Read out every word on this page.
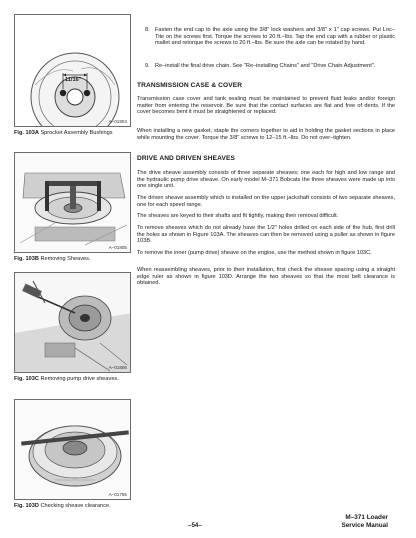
11/16"
A–01804
Fig. 103A Sprocket Assembly Bushings
A–01805
Fig. 103B Removing Sheaves.
A–01806
Fig. 103C Removing pump drive sheaves.
A–01755
Fig. 103D Checking sheave clearance.
8. Fasten the end cap to the axle using the 3/8" lock washers and 3/8" x 1" cap screws. Put Loc–Tite on the screws first. Torque the screws to 20 ft.–lbs. Tap the end cap with a rubber or plastic mallet and retorque the screws to 20 ft.–lbs. Be sure the axle can be rotated by hand.
9. Re–install the final drive chain. See "Re–installing Chains" and "Drive Chain Adjustment".
TRANSMISSION CASE & COVER

Transmission case cover and tank sealing must be maintained to prevent fluid leaks and/or foreign matter from entering the reservoir. Be sure that the contact surfaces are flat and free of dents. If the cover becomes bent it must be straightened or replaced.

When installing a new gasket, staple the corners together to aid in holding the gasket sections in place while mounting the cover. Torque the 3/8" screws to 12–15 ft.–lbs. Do not over–tighten.

DRIVE AND DRIVEN SHEAVES

The drive sheave assembly consists of three separate sheaves; one each for high and low range and the hydraulic pump drive sheave. On early model M–371 Bobcats the three sheaves were made up into one single unit.

The driven sheave assembly which is installed on the upper jackshaft consists of two separate sheaves, one for each speed range.

The sheaves are keyed to their shafts and fit tightly, making their removal difficult.

To remove sheaves which do not already have the 1/2" holes drilled on each side of the hub, first drill the holes as shown in Figure 103A. The sheaves can then be removed using a puller as shown in figure 103B.

To remove the inner (pump drive) sheave on the engine, use the method shown in figure 103C.

When reassembling sheaves, prior to their installation, first check the sheave spacing using a straight edge ruler as shown in figure 103D. Arrange the two sheaves so that the most belt clearance is obtained.

–54–
M–371 Loader
Service Manual
